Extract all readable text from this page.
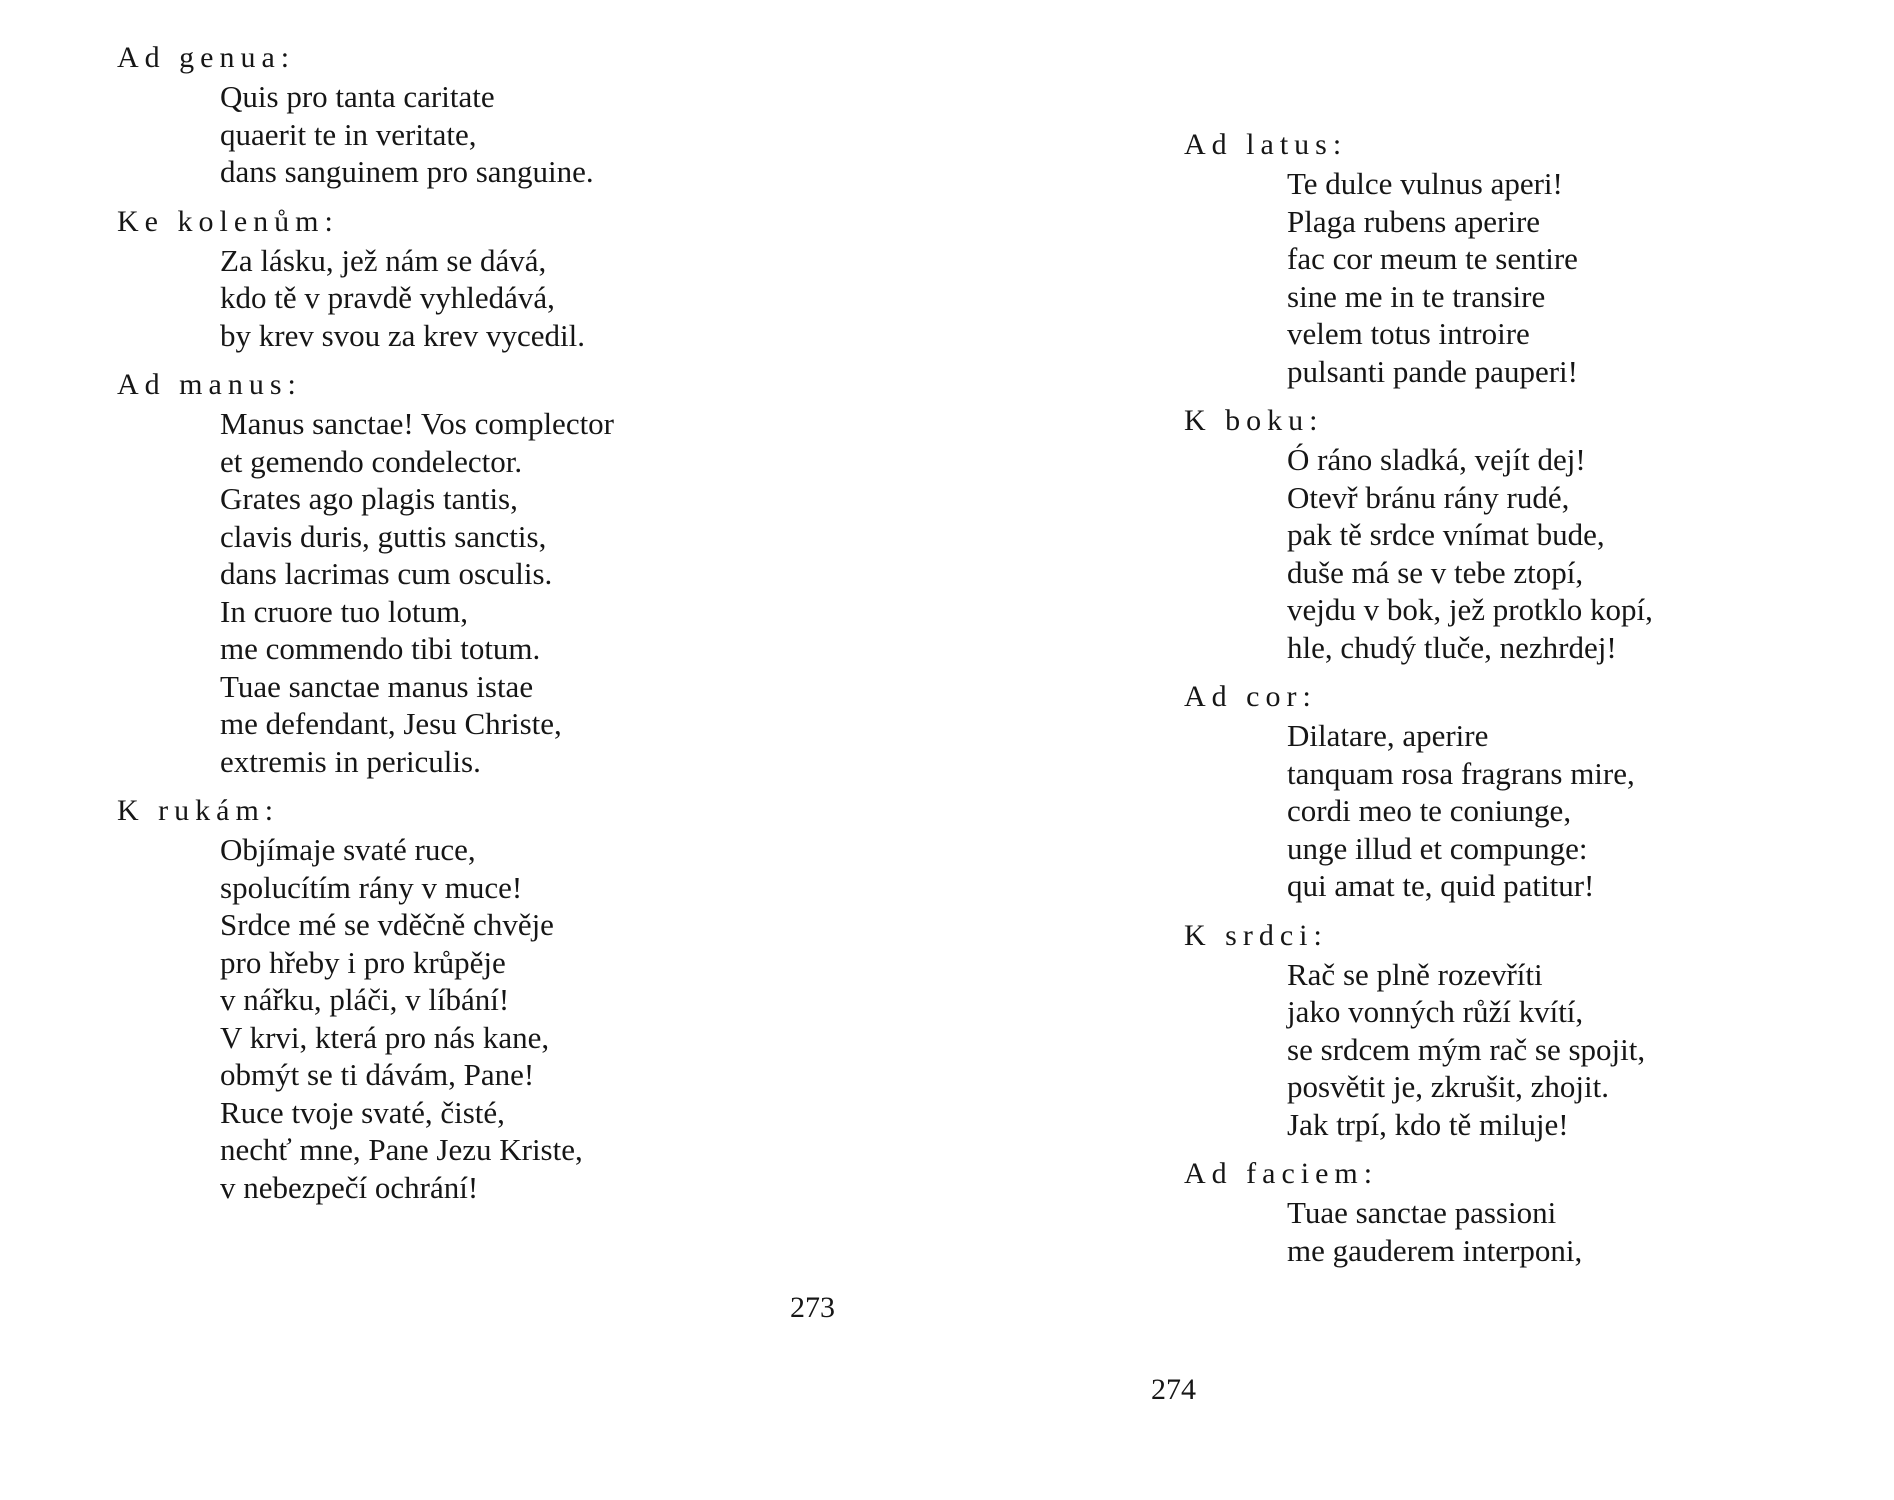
Ad genua:
Quis pro tanta caritate
quaerit te in veritate,
dans sanguinem pro sanguine.
Ke kolenům:
Za lásku, jež nám se dává,
kdo tě v pravdě vyhledává,
by krev svou za krev vycedil.
Ad manus:
Manus sanctae! Vos complector
et gemendo condelector.
Grates ago plagis tantis,
clavis duris, guttis sanctis,
dans lacrimas cum osculis.
In cruore tuo lotum,
me commendo tibi totum.
Tuae sanctae manus istae
me defendant, Jesu Christe,
extremis in periculis.
K rukám:
Objímaje svaté ruce,
spolucítím rány v muce!
Srdce mé se vděčně chvěje
pro hřeby i pro krůpěje
v nářku, pláči, v líbání!
V krvi, která pro nás kane,
obmýt se ti dávám, Pane!
Ruce tvoje svaté, čisté,
nechť mne, Pane Jezu Kriste,
v nebezpečí ochrání!
273
Ad latus:
Te dulce vulnus aperi!
Plaga rubens aperire
fac cor meum te sentire
sine me in te transire
velem totus introire
pulsanti pande pauperi!
K boku:
Ó ráno sladká, vejít dej!
Otevř bránu rány rudé,
pak tě srdce vnímat bude,
duše má se v tebe ztopí,
vejdu v bok, jež protklo kopí,
hle, chudý tluče, nezhrdej!
Ad cor:
Dilatare, aperire
tanquam rosa fragrans mire,
cordi meo te coniunge,
unge illud et compunge:
qui amat te, quid patitur!
K srdci:
Rač se plně rozevříti
jako vonných růží kvítí,
se srdcem mým rač se spojit,
posvětit je, zkrušit, zhojit.
Jak trpí, kdo tě miluje!
Ad faciem:
Tuae sanctae passioni
me gauderem interponi,
274
